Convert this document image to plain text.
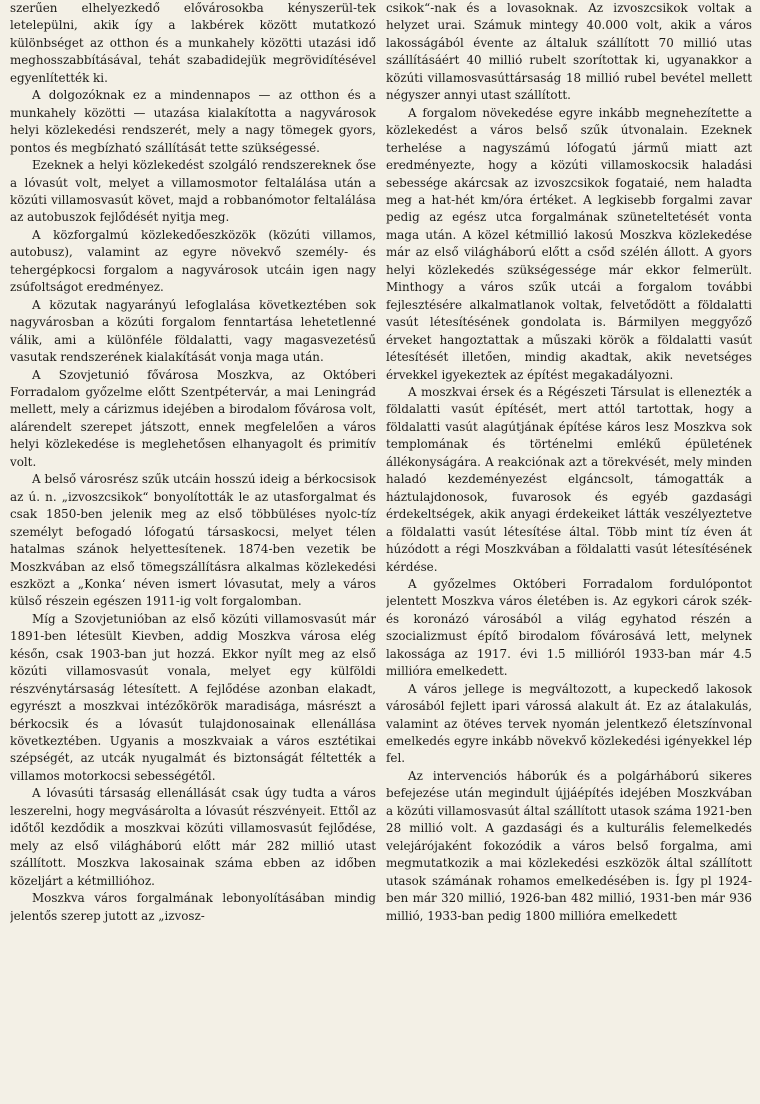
szerűen elhelyezkedő elővárosokba kényszerül-tek letelepülni, akik így a lakbérek között mutatkozó különbséget az otthon és a munkahely közötti utazási idő meghosszabbításával, tehát szabadidejük megrövidítésével egyenlítették ki.

A dolgozóknak ez a mindennapos — az otthon és a munkahely közötti — utazása kialakította a nagyvárosok helyi közlekedési rendszerét, mely a nagy tömegek gyors, pontos és megbízható szállítását tette szükségessé.

Ezeknek a helyi közlekedést szolgáló rendszereknek őse a lóvasút volt, melyet a villamosmotor feltalálása után a közúti villamosvasút követ, majd a robbanómotor feltalálása az autobuszok fejlődését nyitja meg.

A közforgalmú közlekedőeszközök (közúti villamos, autobusz), valamint az egyre növekvő személy- és tehergépkocsi forgalom a nagyvárosok utcáin igen nagy zsúfoltságot eredményez.

A közutak nagyarányú lefoglalása következtében sok nagyvárosban a közúti forgalom fenntartása lehetetlenné válik, ami a különféle földalatti, vagy magasvezetésű vasutak rendszerének kialakítását vonja maga után.

A Szovjetunió fővárosa Moszkva, az Októberi Forradalom győzelme előtt Szentpétervár, a mai Leningrád mellett, mely a cárizmus idejében a birodalom fővárosa volt, alárendelt szerepet játszott, ennek megfelelően a város helyi közlekedése is meglehetősen elhanyagolt és primitív volt.

A belső városrész szűk utcáin hosszú ideig a bérkocsisok az ú. n. „izvoszcsikok“ bonyolították le az utasforgalmat és csak 1850-ben jelenik meg az első többüléses nyolc-tíz személyt befogadó lófogatú társaskocsi, melyet télen hatalmas szánok helyettesítenek. 1874-ben vezetik be Moszkvában az első tömegszállításra alkalmas közlekedési eszközt a „Konka‘ néven ismert lóvasutat, mely a város külső részein egészen 1911-ig volt forgalomban.

Míg a Szovjetunióban az első közúti villamosvasút már 1891-ben létesült Kievben, addig Moszkva városa elég későn, csak 1903-ban jut hozzá. Ekkor nyílt meg az első közúti villamosvasút vonala, melyet egy külföldi részvénytársaság létesített. A fejlődése azonban elakadt, egyrészt a moszkvai intézőkörök maradisága, másrészt a bérkocsik és a lóvasút tulajdonosainak ellenállása következtében. Ugyanis a moszkvaiak a város esztétikai szépségét, az utcák nyugalmát és biztonságát féltették a villamos motorkocsi sebességétől.

A lóvasúti társaság ellenállását csak úgy tudta a város leszerelni, hogy megvásárolta a lóvasút részvényeit. Ettől az időtől kezdődik a moszkvai közúti villamosvasút fejlődése, mely az első világháború előtt már 282 millió utast szállított. Moszkva lakosainak száma ebben az időben közeljárt a kétmillióhoz.

Moszkva város forgalmának lebonyolításában mindig jelentős szerep jutott az „izvosz-

csikok“-nak és a lovasoknak. Az izvoszcsikok voltak a helyzet urai. Számuk mintegy 40.000 volt, akik a város lakosságából évente az általuk szállított 70 millió utas szállításáért 40 millió rubelt szorítottak ki, ugyanakkor a közúti villamosvasúttársaság 18 millió rubel bevétel mellett négyszer annyi utast szállított.

A forgalom növekedése egyre inkább megnehezítette a közlekedést a város belső szűk útvonalain. Ezeknek terhelése a nagyszámú lófogatú jármű miatt azt eredményezte, hogy a közúti villamoskocsik haladási sebessége akárcsak az izvoszcsikok fogataié, nem haladta meg a hat-hét km/óra értéket. A legkisebb forgalmi zavar pedig az egész utca forgalmának szüneteltetését vonta maga után. A közel kétmillió lakosú Moszkva közlekedése már az első világháború előtt a csőd szélén állott. A gyors helyi közlekedés szükségessége már ekkor felmerült. Minthogy a város szűk utcái a forgalom további fejlesztésére alkalmatlanok voltak, felvetődött a földalatti vasút létesítésének gondolata is. Bármilyen meggyőző érveket hangoztattak a műszaki körök a földalatti vasút létesítését illetően, mindig akadtak, akik nevetséges érvekkel igyekeztek az építést megakadályozni.

A moszkvai érsek és a Régészeti Társulat is ellenezték a földalatti vasút építését, mert attól tartottak, hogy a földalatti vasút alagútjának építése káros lesz Moszkva sok templomának és történelmi emlékű épületének állékonyságára. A reakciónak azt a törekvését, mely minden haladó kezdeményezést elgáncsolt, támogatták a háztulajdonosok, fuvarosok és egyéb gazdasági érdekeltségek, akik anyagi érdekeiket látták veszélyeztetve a földalatti vasút létesítése által. Több mint tíz éven át húzódott a régi Moszkvában a földalatti vasút létesítésének kérdése.

A győzelmes Októberi Forradalom fordulópontot jelentett Moszkva város életében is. Az egykori cárok szék- és koronázó városából a világ egyhatod részén a szocializmust építő birodalom fővárosává lett, melynek lakossága az 1917. évi 1.5 millióról 1933-ban már 4.5 millióra emelkedett.

A város jellege is megváltozott, a kupeckedő lakosok városából fejlett ipari várossá alakult át. Ez az átalakulás, valamint az ötéves tervek nyomán jelentkező életszínvonal emelkedés egyre inkább növekvő közlekedési igényekkel lép fel.

Az intervenciós háborúk és a polgárháború sikeres befejezése után megindult újjáépítés idejében Moszkvában a közúti villamosvasút által szállított utasok száma 1921-ben 28 millió volt. A gazdasági és a kulturális felemelkedés velejárójaként fokozódik a város belső forgalma, ami megmutatkozik a mai közlekedési eszközök által szállított utasok számának rohamos emelkedésében is. Így pl 1924-ben már 320 millió, 1926-ban 482 millió, 1931-ben már 936 millió, 1933-ban pedig 1800 millióra emelkedett
